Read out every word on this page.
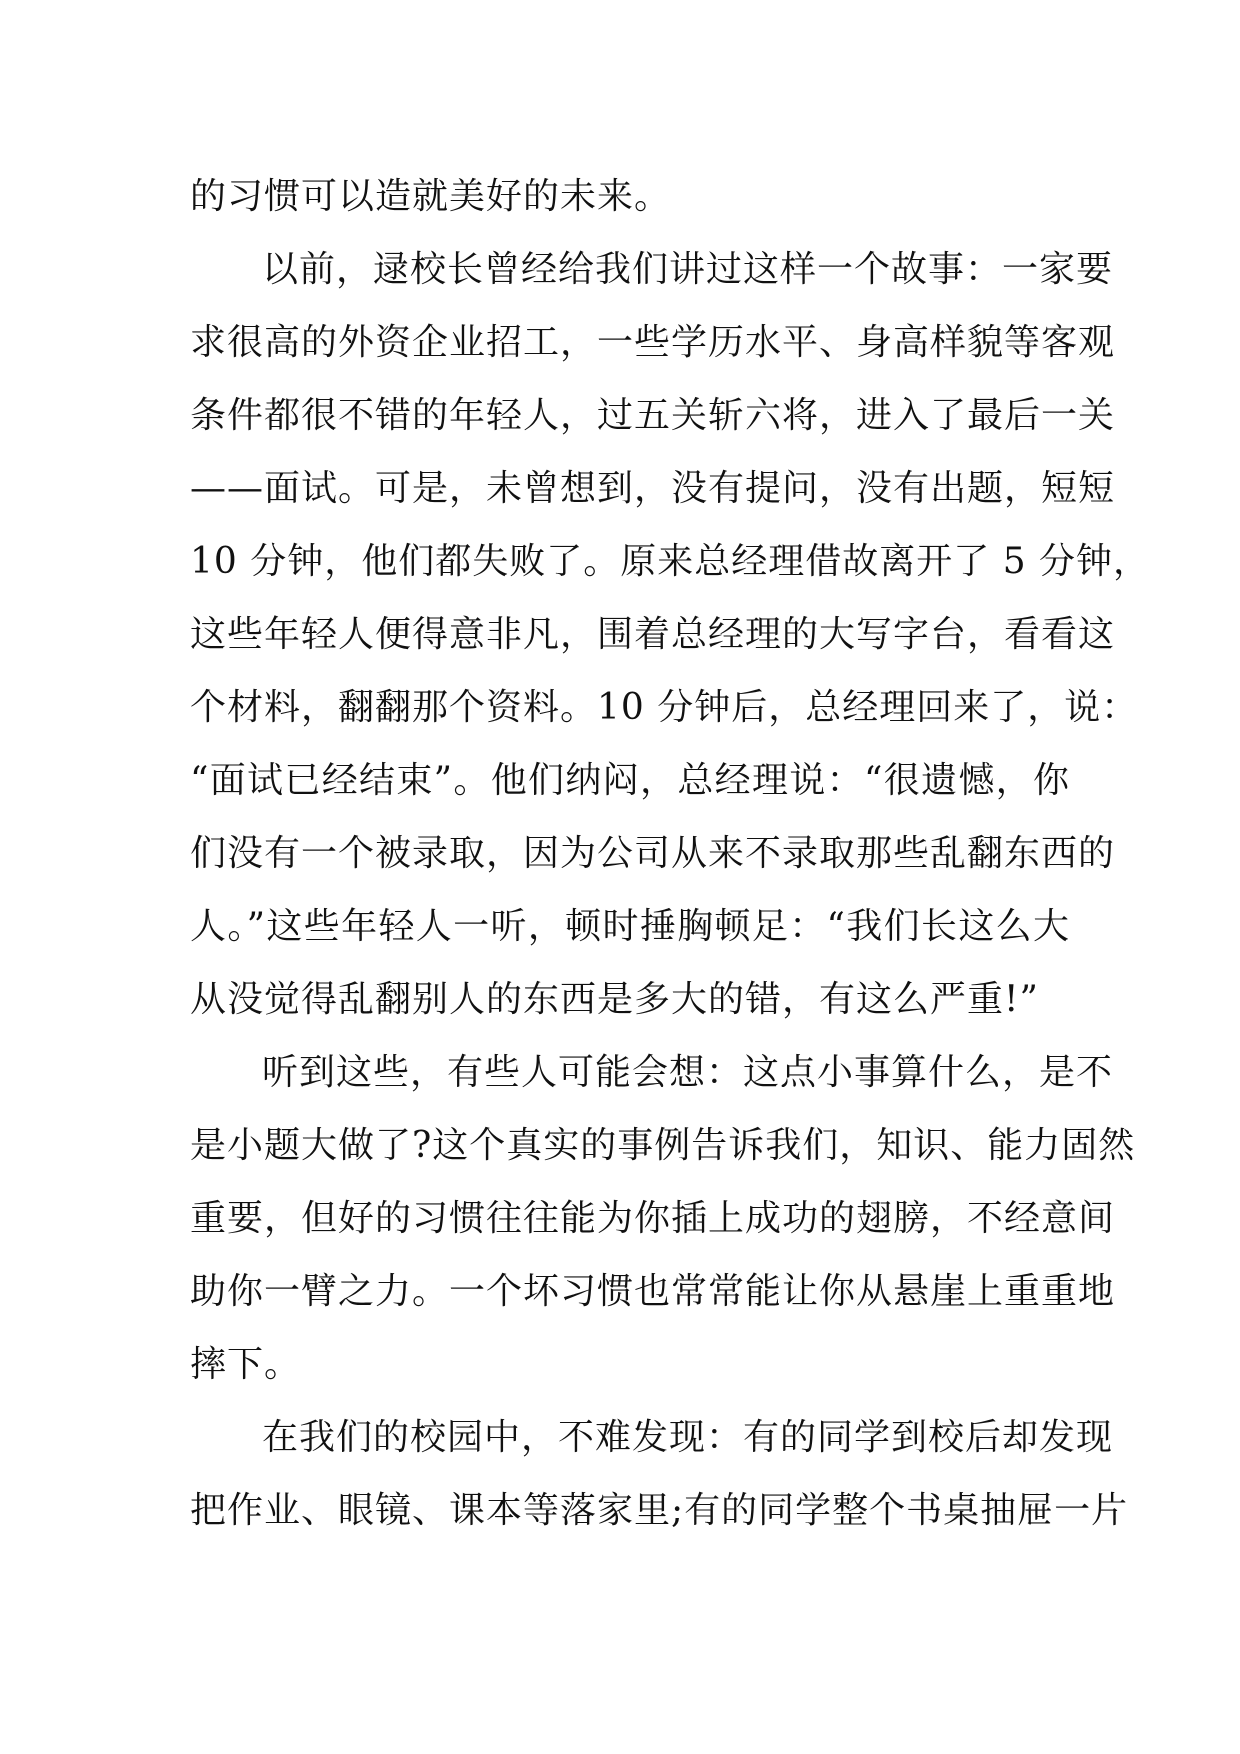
的习惯可以造就美好的未来。
以前，逯校长曾经给我们讲过这样一个故事：一家要
求很高的外资企业招工，一些学历水平、身高样貌等客观
条件都很不错的年轻人，过五关斩六将，进入了最后一关
——面试。可是，未曾想到，没有提问，没有出题，短短
10 分钟，他们都失败了。原来总经理借故离开了 5 分钟，
这些年轻人便得意非凡，围着总经理的大写字台，看看这
个材料，翻翻那个资料。10 分钟后，总经理回来了，说：
“面试已经结束”。他们纳闷，总经理说：“很遗憾，你
们没有一个被录取，因为公司从来不录取那些乱翻东西的
人。”这些年轻人一听，顿时捶胸顿足：“我们长这么大
从没觉得乱翻别人的东西是多大的错，有这么严重!”
听到这些，有些人可能会想：这点小事算什么，是不
是小题大做了?这个真实的事例告诉我们，知识、能力固然
重要，但好的习惯往往能为你插上成功的翅膀，不经意间
助你一臂之力。一个坏习惯也常常能让你从悬崖上重重地
摔下。
在我们的校园中，不难发现：有的同学到校后却发现
把作业、眼镜、课本等落家里;有的同学整个书桌抽屉一片
